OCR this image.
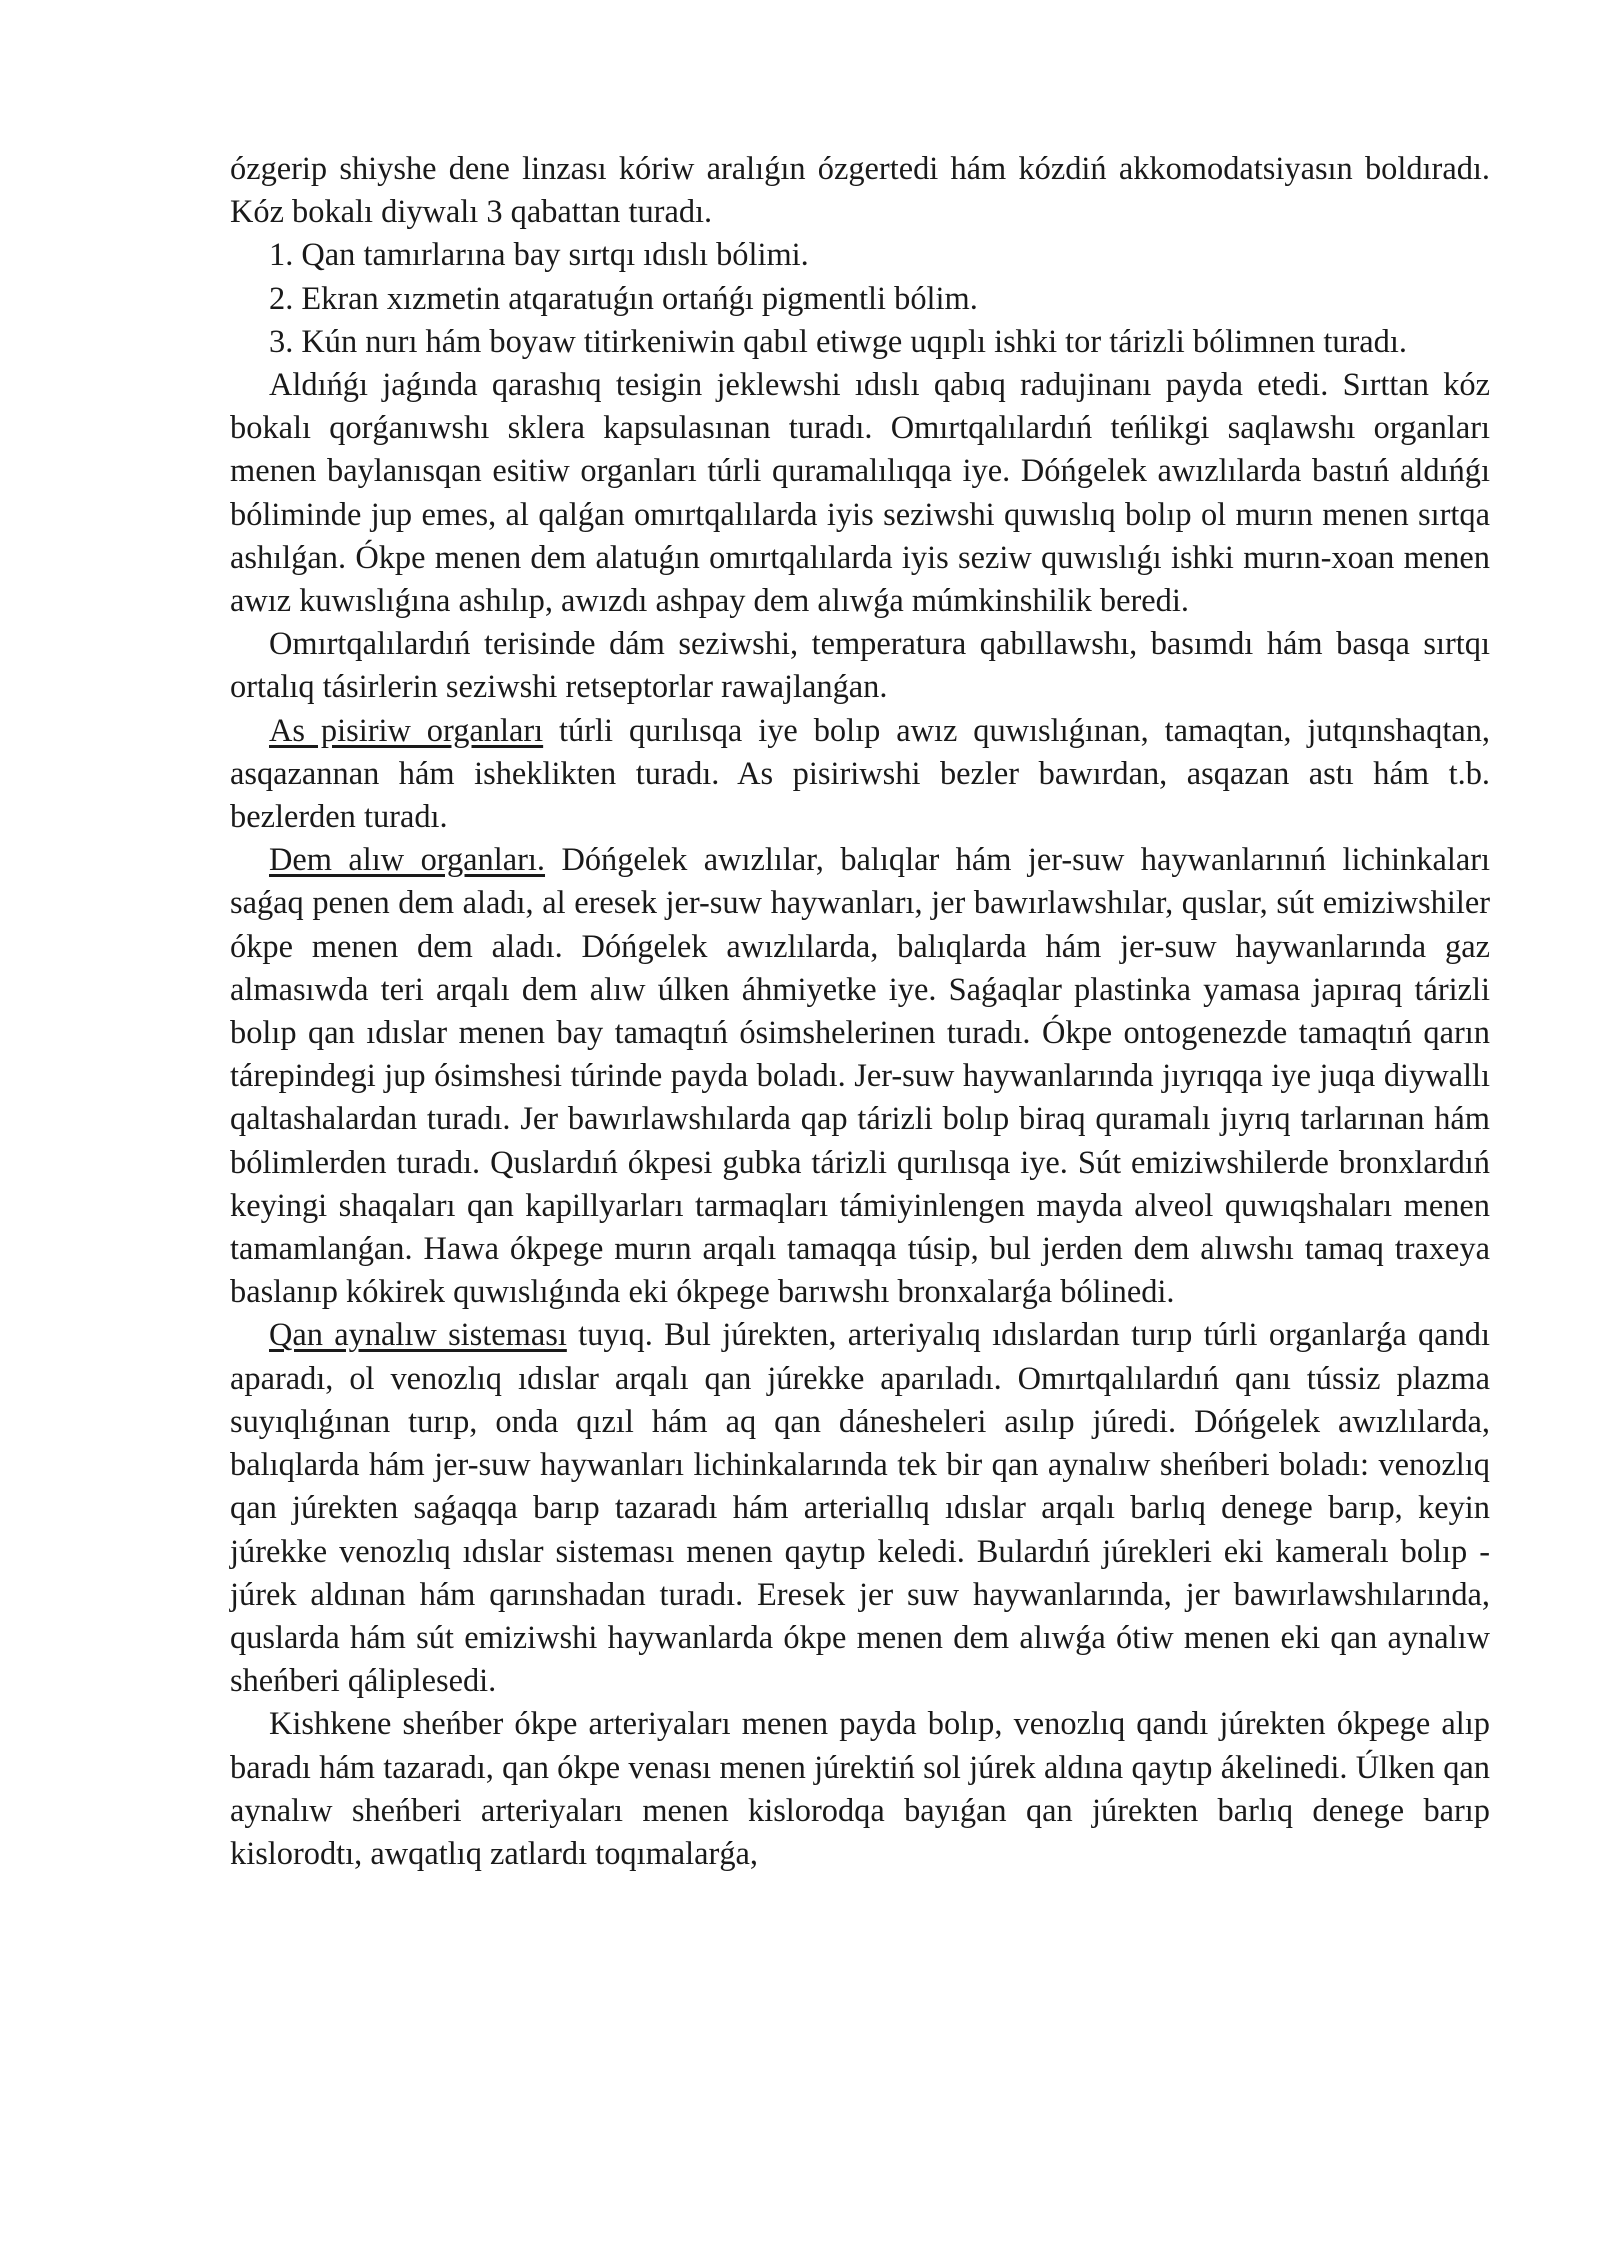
ózgerip shiyshe dene linzası kóriw aralıǵın ózgertedi hám kózdiń akkomodatsiyasın boldıradı. Kóz bokalı diywalı 3 qabattan turadı.

1. Qan tamırlarına bay sırtqı ıdıslı bólimi.

2. Ekran xızmetin atqaratuǵın ortańǵı pigmentli bólim.

3. Kún nurı hám boyaw titirkeniwin qabıl etiwge uqıplı ishki tor tárizli bólimnen turadı.

Aldıńǵı jaǵında qarashıq tesigin jeklewshi ıdıslı qabıq radujinanı payda etedi. Sırttan kóz bokalı qorǵanıwshı sklera kapsulasınan turadı. Omırtqalılardıń teńlikgi saqlawshı organları menen baylanısqan esitiw organları túrli quramalılıqqa iye. Dóńgelek awızlılarda bastıń aldıńǵı bóliminde jup emes, al qalǵan omırtqalılarda iyis seziwshi quwıslıq bolıp ol murın menen sırtqa ashılǵan. Ókpe menen dem alatuǵın omırtqalılarda iyis seziw quwıslıǵı ishki murın-xoan menen awız kuwıslıǵına ashılıp, awızdı ashpay dem alıwǵa múmkinshilik beredi.

Omırtqalılardıń terisinde dám seziwshi, temperatura qabıllawshı, basımdı hám basqa sırtqı ortalıq tásirlerin seziwshi retseptorlar rawajlanǵan.

As pisiriw organları túrli qurılısqa iye bolıp awız quwıslıǵınan, tamaqtan, jutqınshaqtan, asqazannan hám isheklikten turadı. As pisiriwshi bezler bawırdan, asqazan astı hám t.b. bezlerden turadı.

Dem alıw organları. Dóńgelek awızlılar, balıqlar hám jer-suw haywanlarınıń lichinkaları saǵaq penen dem aladı, al eresek jer-suw haywanları, jer bawırlawshılar, quslar, sút emiziwshiler ókpe menen dem aladı. Dóńgelek awızlılarda, balıqlarda hám jer-suw haywanlarında gaz almasıwda teri arqalı dem alıw úlken áhmiyetke iye. Saǵaqlar plastinka yamasa japıraq tárizli bolıp qan ıdıslar menen bay tamaqtıń ósimshelerinen turadı. Ókpe ontogenezde tamaqtıń qarın tárepindegi jup ósimshesi túrinde payda boladı. Jer-suw haywanlarında jıyrıqqa iye juqa diywallı qaltashalardan turadı. Jer bawırlawshılarda qap tárizli bolıp biraq quramalı jıyrıq tarlarınan hám bólimlerden turadı. Quslardıń ókpesi gubka tárizli qurılısqa iye. Sút emiziwshilerde bronxlardıń keyingi shaqaları qan kapillyarları tarmaqları támiyinlengen mayda alveol quwıqshaları menen tamamlanǵan. Hawa ókpege murın arqalı tamaqqa túsip, bul jerden dem alıwshı tamaq traxeya baslanıp kókirek quwıslıǵında eki ókpege barıwshı bronxalarǵa bólinedi.

Qan aynalıw sisteması tuyıq. Bul júrekten, arteriyalıq ıdıslardan turıp túrli organlarǵa qandı aparadı, ol venozlıq ıdıslar arqalı qan júrekke aparıladı. Omırtqalılardıń qanı tússiz plazma suyıqlıǵınan turıp, onda qızıl hám aq qan dánesheleri asılıp júredi. Dóńgelek awızlılarda, balıqlarda hám jer-suw haywanları lichinkalarında tek bir qan aynalıw sheńberi boladı: venozlıq qan júrekten saǵaqqa barıp tazaradı hám arteriallıq ıdıslar arqalı barlıq denege barıp, keyin júrekke venozlıq ıdıslar sisteması menen qaytıp keledi. Bulardıń júrekleri eki kameralı bolıp - júrek aldınan hám qarınshadan turadı. Eresek jer suw haywanlarında, jer bawırlawshılarında, quslarda hám sút emiziwshi haywanlarda ókpe menen dem alıwǵa ótiw menen eki qan aynalıw sheńberi qáliplesedi.

Kishkene sheńber ókpe arteriyaları menen payda bolıp, venozlıq qandı júrekten ókpege alıp baradı hám tazaradı, qan ókpe venası menen júrektiń sol júrek aldına qaytıp ákelinedi. Úlken qan aynalıw sheńberi arteriyaları menen kislorodqa bayıǵan qan júrekten barlıq denege barıp kislorodtı, awqatlıq zatlardı toqımalarǵa,
